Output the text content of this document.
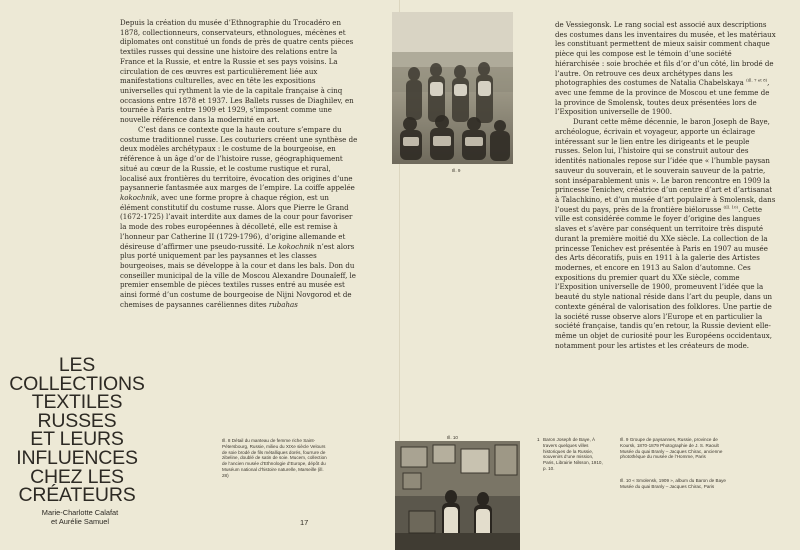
Depuis la création du musée d’Ethnographie du Trocadéro en 1878, collectionneurs, conservateurs, ethnologues, mécènes et diplomates ont constitué un fonds de près de quatre cents pièces textiles russes qui dessine une histoire des relations entre la France et la Russie, et entre la Russie et ses pays voisins. La circulation de ces œuvres est particulièrement liée aux manifestations culturelles, avec en tête les expositions universelles qui rythment la vie de la capitale française à cinq occasions entre 1878 et 1937. Les Ballets russes de Diaghilev, en tournée à Paris entre 1909 et 1929, s’imposent comme une nouvelle référence dans la modernité en art.

C’est dans ce contexte que la haute couture s’empare du costume traditionnel russe. Les couturiers créent une synthèse de deux modèles archétypaux : le costume de la bourgeoise, en référence à un âge d’or de l’histoire russe, géographiquement situé au cœur de la Russie, et le costume rustique et rural, localisé aux frontières du territoire, évocation des origines d’une paysannerie fantasmée aux marges de l’empire. La coiffe appelée kokochnik, avec une forme propre à chaque région, est un élément constitutif du costume russe. Alors que Pierre le Grand (1672-1725) l’avait interdite aux dames de la cour pour favoriser la mode des robes européennes à décolleté, elle est remise à l’honneur par Catherine II (1729-1796), d’origine allemande et désireuse d’affirmer une pseudo-russité. Le kokochnik n’est alors plus porté uniquement par les paysannes et les classes bourgeoises, mais se développe à la cour et dans les bals. Don du conseiller municipal de la ville de Moscou Alexandre Dounaïeff, le premier ensemble de pièces textiles russes entré au musée est ainsi formé d’un costume de bourgeoise de Nijni Novgorod et de chemises de paysannes caréliennes dites rubahas

LES
COLLECTIONS
TEXTILES RUSSES
ET LEURS
INFLUENCES
CHEZ LES
CRÉATEURS
Marie-Charlotte Calafat
et Aurélie Samuel
Ill. 8 Détail du manteau de femme riche Saint-Pétersbourg, Russie, milieu du XIXe siècle Velours de soie brodé de fils métalliques dorés, fourrure de zibeline, doublé de satin de soie. Mucem, collection de l’ancien musée d’Ethnologie d’Europe, dépôt du Muséum national d’histoire naturelle, Marseille (ill. 28)
17
Ill. 9

de Vessiegonsk. Le rang social est associé aux descriptions des costumes dans les inventaires du musée, et les matériaux les constituant permettent de mieux saisir comment chaque pièce qui les compose est le témoin d’une société hiérarchisée : soie brochée et fils d’or d’un côté, lin brodé de l’autre. On retrouve ces deux archétypes dans les photographies des costumes de Natalia Chabelskaya $^{(ill. 7 et 8)}$, avec une femme de la province de Moscou et une femme de la province de Smolensk, toutes deux présentées lors de l’Exposition universelle de 1900.

Durant cette même décennie, le baron Joseph de Baye, archéologue, écrivain et voyageur, apporte un éclairage intéressant sur le lien entre les dirigeants et le peuple russes. Selon lui, l’histoire qui se construit autour des identités nationales repose sur l’idée que « l’humble paysan sauveur du souverain, et le souverain sauveur de la patrie, sont inséparablement unis ». Le baron rencontre en 1909 la princesse Tenichev, créatrice d’un centre d’art et d’artisanat à Talachkino, et d’un musée d’art populaire à Smolensk, dans l’ouest du pays, près de la frontière biélorusse $^{(ill. 10)}$. Cette ville est considérée comme le foyer d’origine des langues slaves et s’avère par conséquent un territoire très disputé durant la première moitié du XXe siècle. La collection de la princesse Tenichev est présentée à Paris en 1907 au musée des Arts décoratifs, puis en 1911 à la galerie des Artistes modernes, et encore en 1913 au Salon d’automne. Ces expositions du premier quart du XXe siècle, comme l’Exposition universelle de 1900, promeuvent l’idée que la beauté du style national réside dans l’art du peuple, dans un contexte général de valorisation des folklores. Une partie de la société russe observe alors l’Europe et en particulier la société française, tandis qu’en retour, la Russie devient elle-même un objet de curiosité pour les Européens occidentaux, notamment pour les artistes et les créateurs de mode.

Ill. 10	1 Baron Joseph de Baye, À travers quelques villes historiques de la Russie, souvenirs d’une mission, Paris, Librairie Nilsson, 1910, p. 10.
Ill. 9 Groupe de paysannes, Russie, province de Koursk, 1870-1879 Photographie de J. S. Raoult Musée du quai Branly – Jacques Chirac, ancienne photothèque du musée de l’Homme, Paris
Ill. 10 « Smolensk, 1909 », album du Baron de Baye Musée du quai Branly – Jacques Chirac, Paris
